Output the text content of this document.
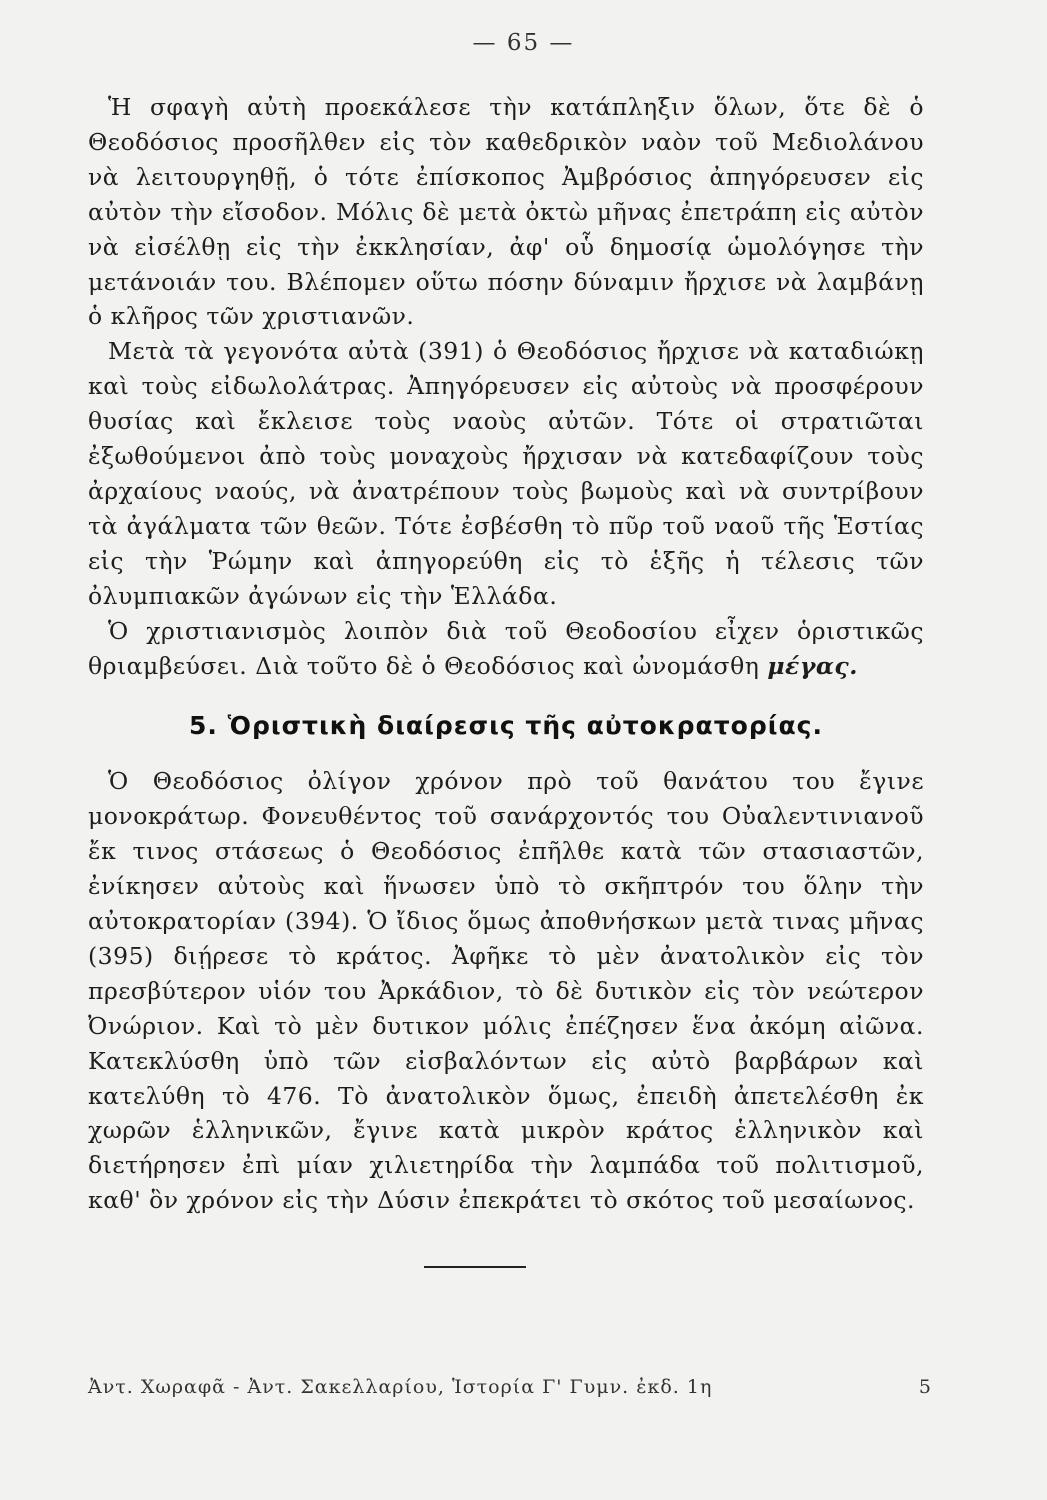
— 65 —

Ἡ σφαγὴ αὐτὴ προεκάλεσε τὴν κατάπληξιν ὅλων, ὅτε δὲ ὁ Θεοδόσιος προσῆλθεν εἰς τὸν καθεδρικὸν ναὸν τοῦ Μεδιολάνου νὰ λειτουργηθῇ, ὁ τότε ἐπίσκοπος Ἀμβρόσιος ἀπηγόρευσεν εἰς αὐτὸν τὴν εἴσοδον. Μόλις δὲ μετὰ ὀκτὼ μῆνας ἐπετράπη εἰς αὐτὸν νὰ εἰσέλθῃ εἰς τὴν ἐκκλησίαν, ἀφ' οὗ δημοσίᾳ ὡμολόγησε τὴν μετάνοιάν του. Βλέπομεν οὕτω πόσην δύναμιν ἤρχισε νὰ λαμβάνῃ ὁ κλῆρος τῶν χριστιανῶν.

Μετὰ τὰ γεγονότα αὐτὰ (391) ὁ Θεοδόσιος ἤρχισε νὰ καταδιώκῃ καὶ τοὺς εἰδωλολάτρας. Ἀπηγόρευσεν εἰς αὐτοὺς νὰ προσφέρουν θυσίας καὶ ἔκλεισε τοὺς ναοὺς αὐτῶν. Τότε οἱ στρατιῶται ἐξωθούμενοι ἀπὸ τοὺς μοναχοὺς ἤρχισαν νὰ κατεδαφίζουν τοὺς ἀρχαίους ναούς, νὰ ἀνατρέπουν τοὺς βωμοὺς καὶ νὰ συντρίβουν τὰ ἀγάλματα τῶν θεῶν. Τότε ἐσβέσθη τὸ πῦρ τοῦ ναοῦ τῆς Ἑστίας εἰς τὴν Ῥώμην καὶ ἀπηγορεύθη εἰς τὸ ἑξῆς ἡ τέλεσις τῶν ὀλυμπιακῶν ἀγώνων εἰς τὴν Ἑλλάδα.

Ὁ χριστιανισμὸς λοιπὸν διὰ τοῦ Θεοδοσίου εἶχεν ὁριστικῶς θριαμβεύσει. Διὰ τοῦτο δὲ ὁ Θεοδόσιος καὶ ὠνομάσθη μέγας.

5. Ὁριστικὴ διαίρεσις τῆς αὐτοκρατορίας.

Ὁ Θεοδόσιος ὀλίγον χρόνον πρὸ τοῦ θανάτου του ἔγινε μονοκράτωρ. Φονευθέντος τοῦ σανάρχοντός του Οὐαλεντινιανοῦ ἔκ τινος στάσεως ὁ Θεοδόσιος ἐπῆλθε κατὰ τῶν στασιαστῶν, ἐνίκησεν αὐτοὺς καὶ ἥνωσεν ὑπὸ τὸ σκῆπτρόν του ὅλην τὴν αὐτοκρατορίαν (394). Ὁ ἴδιος ὅμως ἀποθνήσκων μετὰ τινας μῆνας (395) διῄρεσε τὸ κράτος. Ἀφῆκε τὸ μὲν ἀνατολικὸν εἰς τὸν πρεσβύτερον υἱόν του Ἀρκάδιον, τὸ δὲ δυτικὸν εἰς τὸν νεώτερον Ὀνώριον. Καὶ τὸ μὲν δυτικον μόλις ἐπέζησεν ἕνα ἀκόμη αἰῶνα. Κατεκλύσθη ὑπὸ τῶν εἰσβαλόντων εἰς αὐτὸ βαρβάρων καὶ κατελύθη τὸ 476. Τὸ ἀνατολικὸν ὅμως, ἐπειδὴ ἀπετελέσθη ἐκ χωρῶν ἑλληνικῶν, ἔγινε κατὰ μικρὸν κράτος ἑλληνικὸν καὶ διετήρησεν ἐπὶ μίαν χιλιετηρίδα τὴν λαμπάδα τοῦ πολιτισμοῦ, καθ' ὃν χρόνον εἰς τὴν Δύσιν ἐπεκράτει τὸ σκότος τοῦ μεσαίωνος.

Ἀντ. Χωραφᾶ - Ἀντ. Σακελλαρίου, Ἱστορία Γ' Γυμν. ἐκδ. 1η	5
